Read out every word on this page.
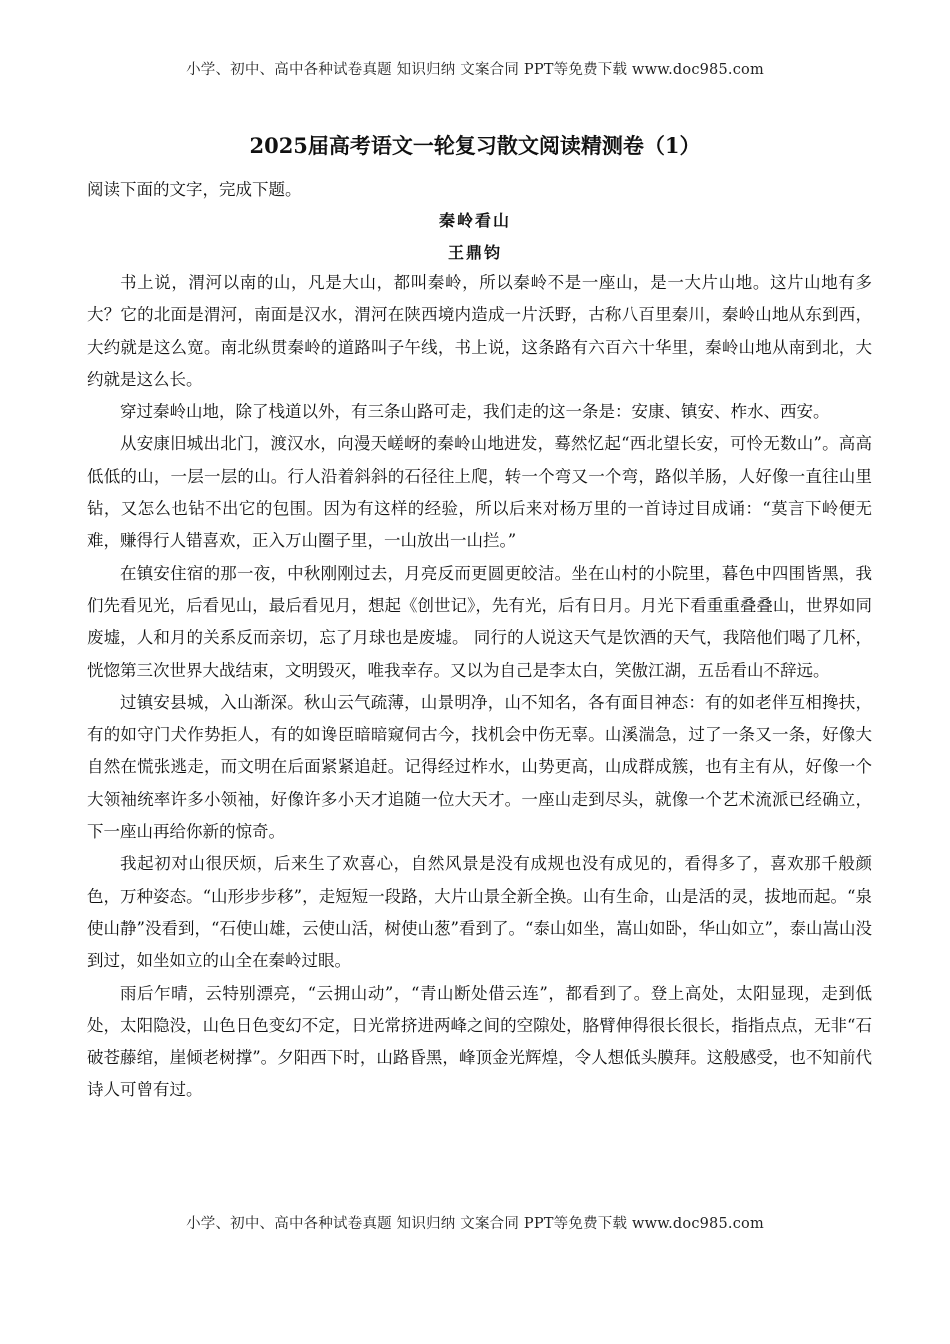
小学、初中、高中各种试卷真题 知识归纳 文案合同 PPT等免费下载 www.doc985.com
2025届高考语文一轮复习散文阅读精测卷（1）
阅读下面的文字，完成下题。
秦岭看山
王鼎钧

书上说，渭河以南的山，凡是大山，都叫秦岭，所以秦岭不是一座山，是一大片山地。这片山地有多大？它的北面是渭河，南面是汉水，渭河在陕西境内造成一片沃野，古称八百里秦川，秦岭山地从东到西，大约就是这么宽。南北纵贯秦岭的道路叫子午线，书上说，这条路有六百六十华里，秦岭山地从南到北，大约就是这么长。

穿过秦岭山地，除了栈道以外，有三条山路可走，我们走的这一条是：安康、镇安、柞水、西安。

从安康旧城出北门，渡汉水，向漫天嵯岈的秦岭山地进发，蓦然忆起“西北望长安，可怜无数山”。高高低低的山，一层一层的山。行人沿着斜斜的石径往上爬，转一个弯又一个弯，路似羊肠，人好像一直往山里钻，又怎么也钻不出它的包围。因为有这样的经验，所以后来对杨万里的一首诗过目成诵：“莫言下岭便无难，赚得行人错喜欢，正入万山圈子里，一山放出一山拦。”

在镇安住宿的那一夜，中秋刚刚过去，月亮反而更圆更皎洁。坐在山村的小院里，暮色中四围皆黑，我们先看见光，后看见山，最后看见月，想起《创世记》，先有光，后有日月。月光下看重重叠叠山，世界如同废墟，人和月的关系反而亲切，忘了月球也是废墟。 同行的人说这天气是饮酒的天气，我陪他们喝了几杯，恍惚第三次世界大战结束，文明毁灭，唯我幸存。又以为自己是李太白，笑傲江湖，五岳看山不辞远。

过镇安县城，入山渐深。秋山云气疏薄，山景明净，山不知名，各有面目神态：有的如老伴互相搀扶，有的如守门犬作势拒人，有的如谗臣暗暗窥伺古今，找机会中伤无辜。山溪湍急，过了一条又一条，好像大自然在慌张逃走，而文明在后面紧紧追赶。记得经过柞水，山势更高，山成群成簇，也有主有从，好像一个大领袖统率许多小领袖，好像许多小天才追随一位大天才。一座山走到尽头，就像一个艺术流派已经确立，下一座山再给你新的惊奇。

我起初对山很厌烦，后来生了欢喜心，自然风景是没有成规也没有成见的，看得多了，喜欢那千般颜色，万种姿态。“山形步步移”，走短短一段路，大片山景全新全换。山有生命，山是活的灵，拔地而起。“泉使山静”没看到，“石使山雄，云使山活，树使山葱”看到了。“泰山如坐，嵩山如卧，华山如立”，泰山嵩山没到过，如坐如立的山全在秦岭过眼。

雨后乍晴，云特别漂亮，“云拥山动”，“青山断处借云连”，都看到了。登上高处，太阳显现，走到低处，太阳隐没，山色日色变幻不定，日光常挤进两峰之间的空隙处，胳臂伸得很长很长，指指点点，无非“石破苍藤绾，崖倾老树撑”。夕阳西下时，山路昏黑，峰顶金光辉煌，令人想低头膜拜。这般感受，也不知前代诗人可曾有过。

小学、初中、高中各种试卷真题 知识归纳 文案合同 PPT等免费下载 www.doc985.com
